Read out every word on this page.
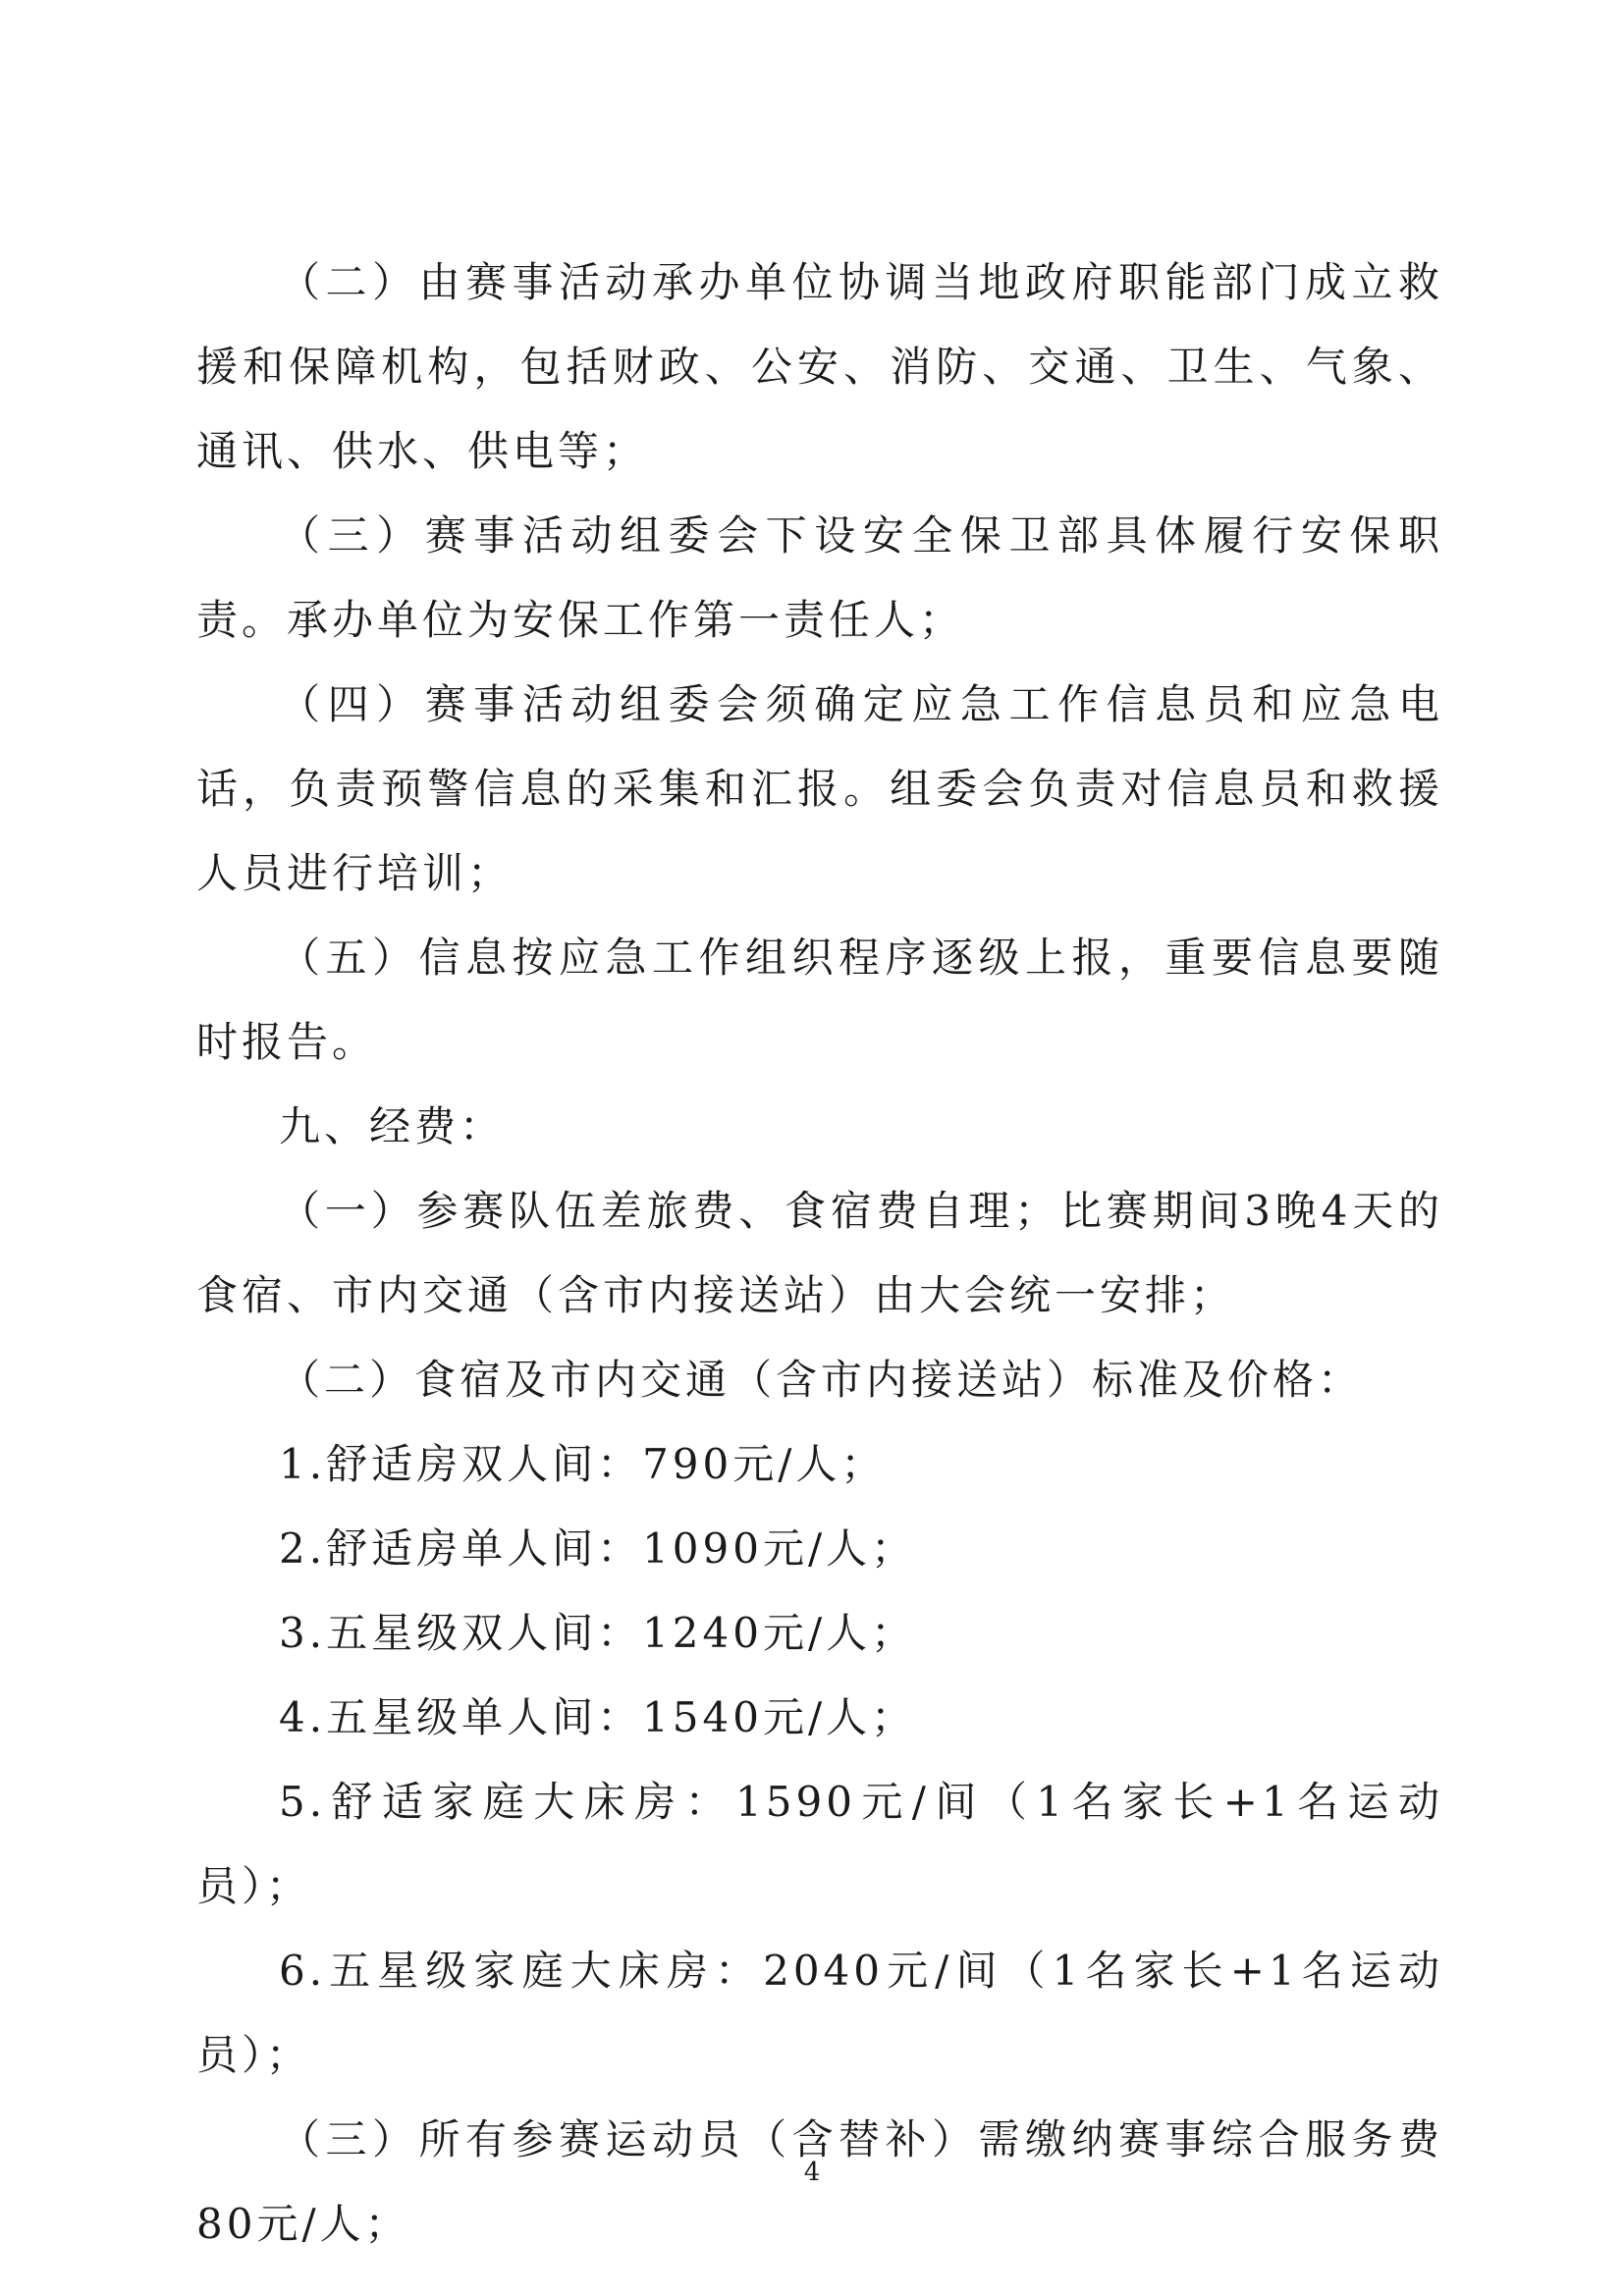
（二）由赛事活动承办单位协调当地政府职能部门成立救援和保障机构，包括财政、公安、消防、交通、卫生、气象、通讯、供水、供电等；

（三）赛事活动组委会下设安全保卫部具体履行安保职责。承办单位为安保工作第一责任人；

（四）赛事活动组委会须确定应急工作信息员和应急电话，负责预警信息的采集和汇报。组委会负责对信息员和救援人员进行培训；

（五）信息按应急工作组织程序逐级上报，重要信息要随时报告。

九、经费：

（一）参赛队伍差旅费、食宿费自理；比赛期间3晚4天的食宿、市内交通（含市内接送站）由大会统一安排；

（二）食宿及市内交通（含市内接送站）标准及价格：

1.舒适房双人间：790元/人；

2.舒适房单人间：1090元/人；

3.五星级双人间：1240元/人；

4.五星级单人间：1540元/人；

5.舒适家庭大床房：1590元/间（1名家长+1名运动员）；

6.五星级家庭大床房：2040元/间（1名家长+1名运动员）；

（三）所有参赛运动员（含替补）需缴纳赛事综合服务费80元/人；

4
